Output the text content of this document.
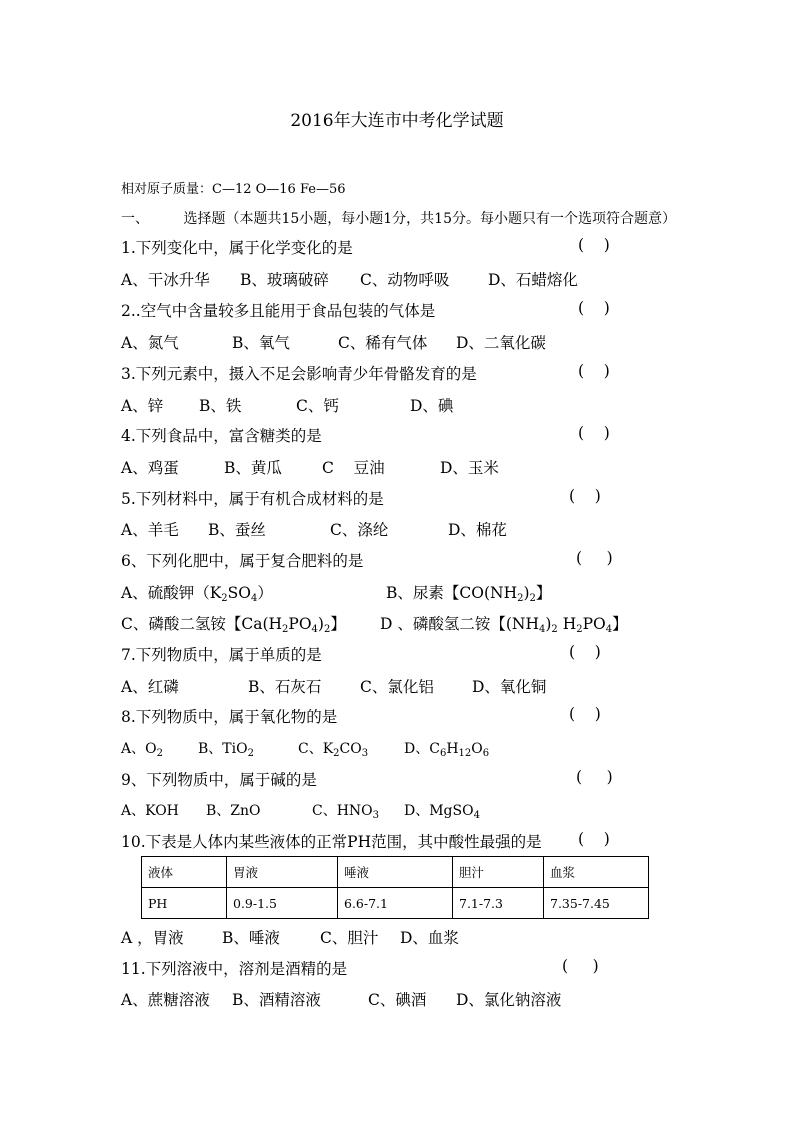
2016年大连市中考化学试题
相对原子质量：C—12 O—16 Fe—56
一、 选择题（本题共15小题，每小题1分，共15分。每小题只有一个选项符合题意）
1.下列变化中，属于化学变化的是	(    )
A、干冰升华 B、玻璃破碎 C、动物呼吸 D、石蜡熔化
2..空气中含量较多且能用于食品包装的气体是	(    )
A、氮气	B、氧气	C、稀有气体 D、二氧化碳
3.下列元素中，摄入不足会影响青少年骨骼发育的是	(    )
A、锌 B、铁	C、钙	D、碘
4.下列食品中，富含糖类的是	(    )
A、鸡蛋	B、黄瓜	C    豆油	D、玉米
5.下列材料中，属于有机合成材料的是	(    )
A、羊毛 B、蚕丝	C、涤纶	D、棉花
6、下列化肥中，属于复合肥料的是	(     )
A、硫酸钾$(K_2SO_4)$	B、尿素【$CO(NH_2)_2$】
C、磷酸二氢铵【$Ca(H_2PO_4)_2$】 D 、磷酸氢二铵【$(NH_4)_2$ $H_2PO_4$】
7.下列物质中，属于单质的是	(    )
A、红磷	B、石灰石 C、氯化铝 D、氧化铜
8.下列物质中，属于氧化物的是	(    )
A、$O_2$	B、TiO$_2$	C、$K_2CO_3$	D、$C_6H_{12}O_6$
9、下列物质中，属于碱的是	(     )
A、KOH B、ZnO	C、$HNO_3$ D、MgSO$_4$
10.下表是人体内某些液体的正常PH范围，其中酸性最强的是 (    )
液体	胃液	唾液	胆汁	血浆
PH	0.9-1.5	6.6-7.1	7.1-7.3	7.35-7.45
A ，胃液 B、唾液	C、胆汁 D、血浆
11.下列溶液中，溶剂是酒精的是	(     )
A、蔗糖溶液 B、酒精溶液	C、碘酒 D、氯化钠溶液
